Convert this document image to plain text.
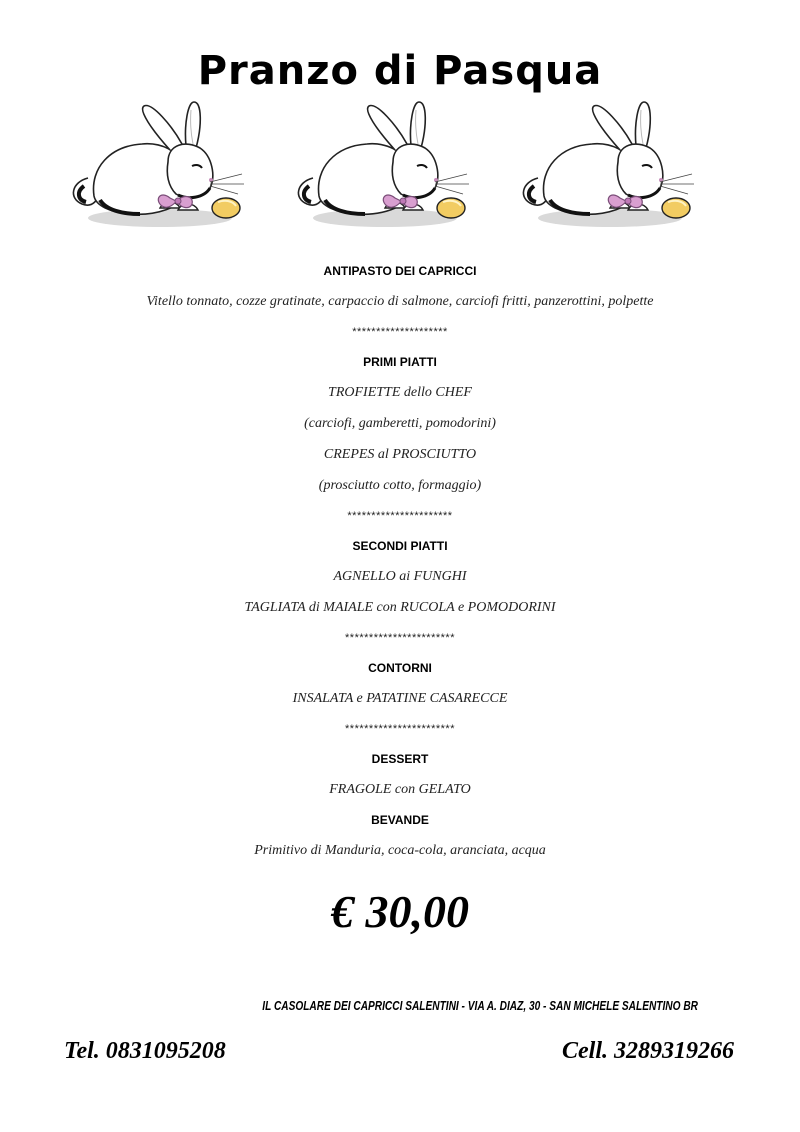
Pranzo di Pasqua
ANTIPASTO DEI CAPRICCI
Vitello tonnato, cozze gratinate, carpaccio di salmone, carciofi fritti, panzerottini, polpette
********************
PRIMI PIATTI
TROFIETTE dello CHEF
(carciofi, gamberetti, pomodorini)
CREPES al PROSCIUTTO
(prosciutto cotto, formaggio)
**********************
SECONDI PIATTI
AGNELLO ai FUNGHI
TAGLIATA di MAIALE con RUCOLA e POMODORINI
***********************
CONTORNI
INSALATA e PATATINE CASARECCE
***********************
DESSERT
FRAGOLE con GELATO
BEVANDE
Primitivo di Manduria, coca-cola, aranciata, acqua
€ 30,00
IL CASOLARE DEI CAPRICCI SALENTINI - VIA A. DIAZ, 30 - SAN MICHELE SALENTINO BR
Tel. 0831095208	Cell. 3289319266
